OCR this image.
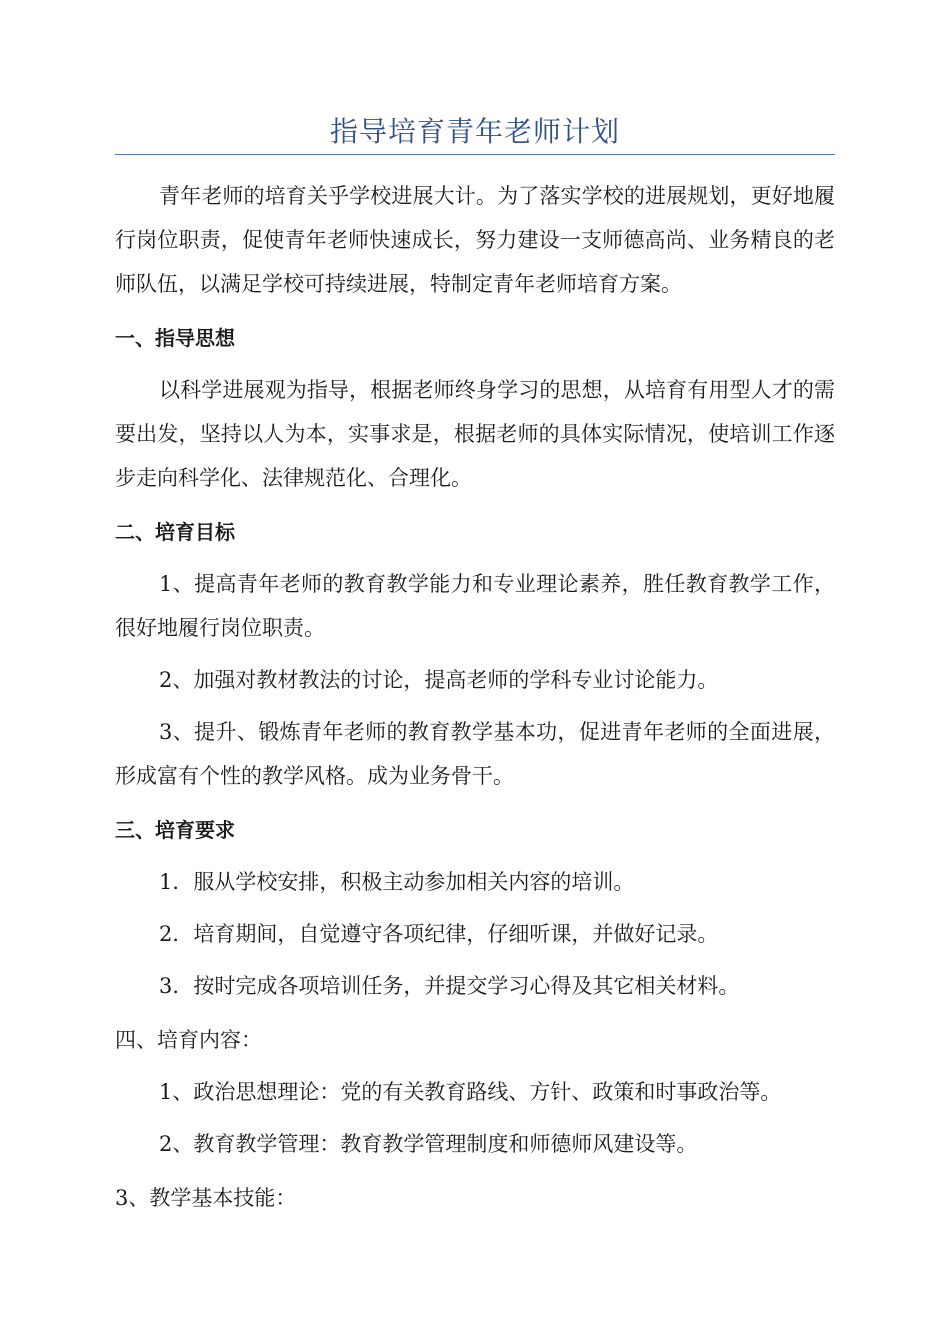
指导培育青年老师计划

青年老师的培育关乎学校进展大计。为了落实学校的进展规划，更好地履行岗位职责，促使青年老师快速成长，努力建设一支师德高尚、业务精良的老师队伍，以满足学校可持续进展，特制定青年老师培育方案。

一、指导思想

以科学进展观为指导，根据老师终身学习的思想，从培育有用型人才的需要出发，坚持以人为本，实事求是，根据老师的具体实际情况，使培训工作逐步走向科学化、法律规范化、合理化。

二、培育目标

1、提高青年老师的教育教学能力和专业理论素养，胜任教育教学工作，很好地履行岗位职责。

2、加强对教材教法的讨论，提高老师的学科专业讨论能力。

3、提升、锻炼青年老师的教育教学基本功，促进青年老师的全面进展，形成富有个性的教学风格。成为业务骨干。

三、培育要求

1．服从学校安排，积极主动参加相关内容的培训。

2．培育期间，自觉遵守各项纪律，仔细听课，并做好记录。

3．按时完成各项培训任务，并提交学习心得及其它相关材料。

四、培育内容：

1、政治思想理论：党的有关教育路线、方针、政策和时事政治等。

2、教育教学管理：教育教学管理制度和师德师风建设等。

3、教学基本技能：
